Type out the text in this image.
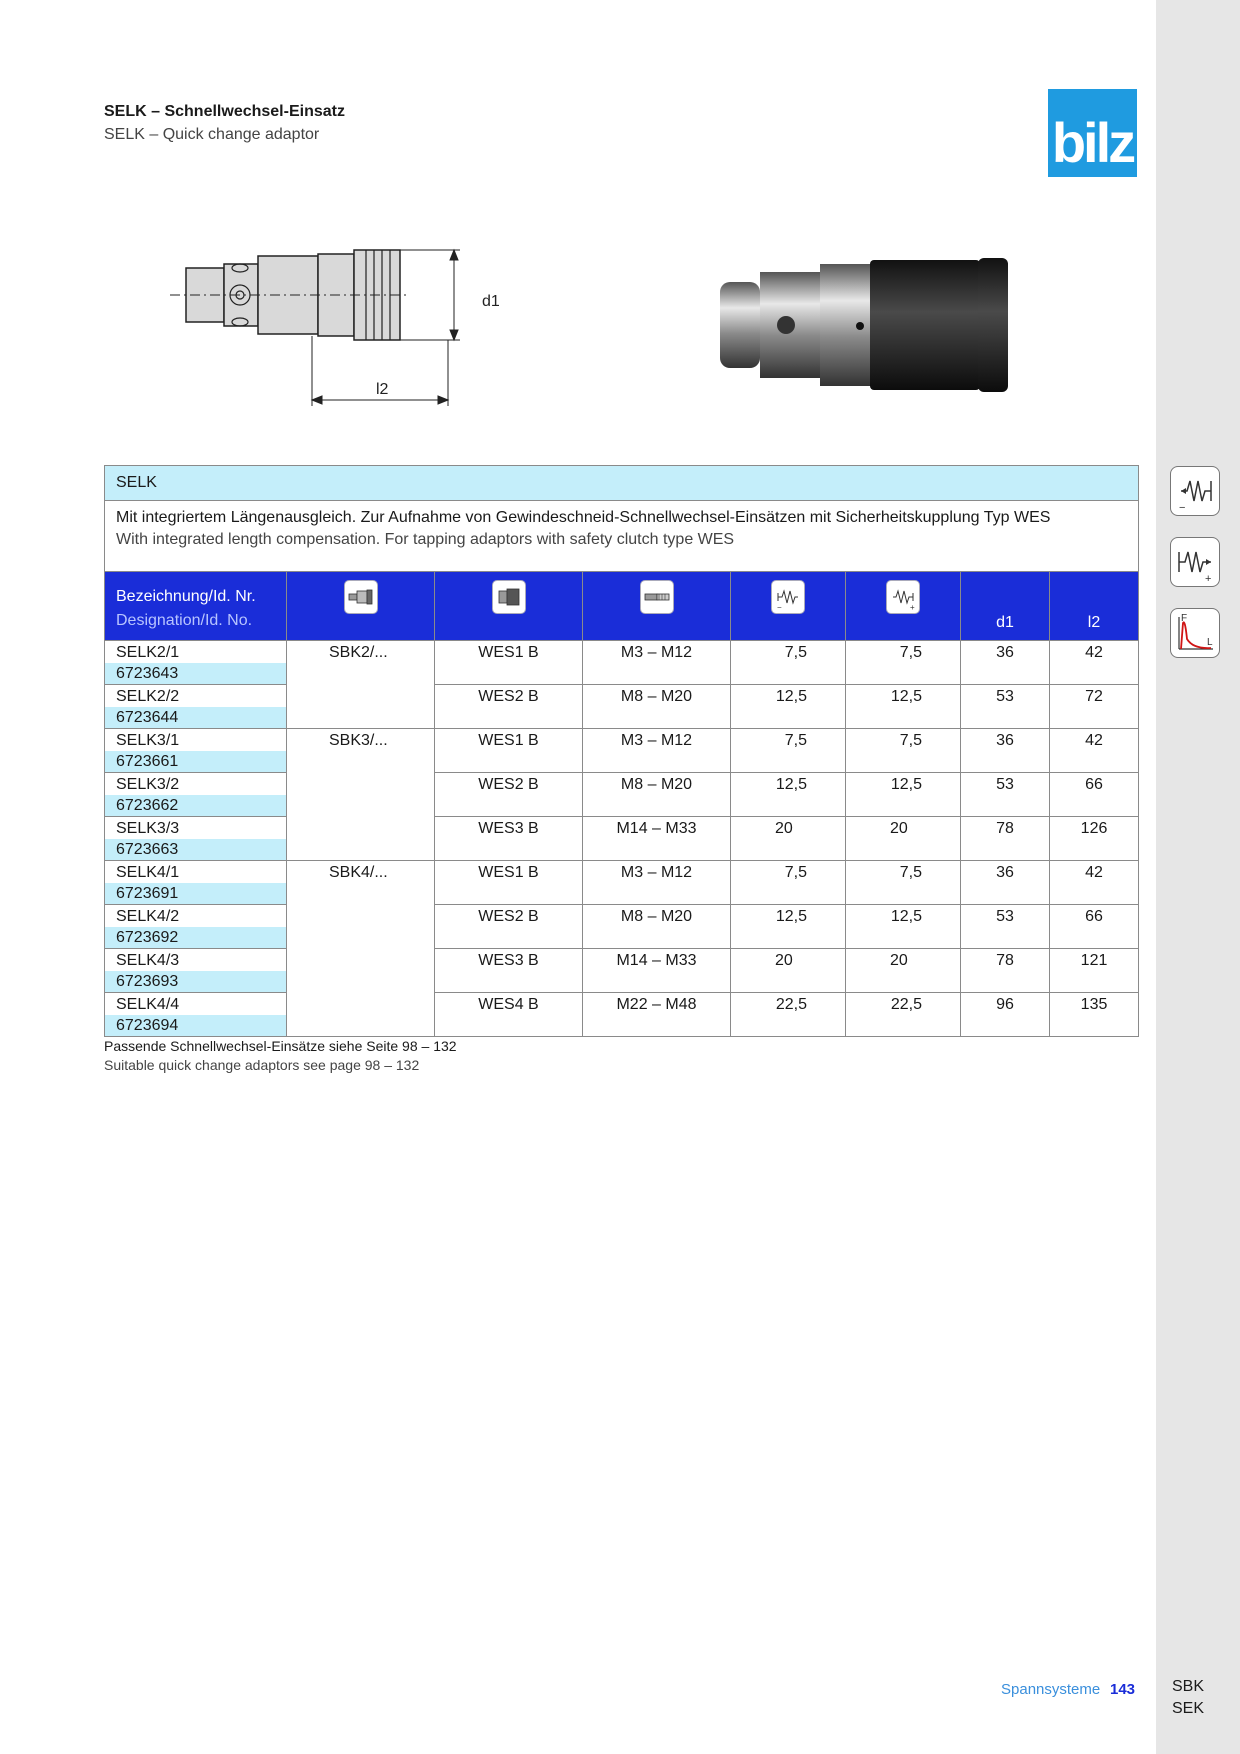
SELK – Schnellwechsel-Einsatz
SELK – Quick change adaptor	bilz
d1
l2
SELK							

Mit integriertem Längenausgleich. Zur Aufnahme von Gewindeschneid-Schnellwechsel-Einsätzen mit Sicherheitskupplung Typ WES
With integrated length compensation. For tapping adaptors with safety clutch type WES							

Bezeichnung/Id. Nr.
Designation/Id. No.				−	+	d1	l2

SELK2/1
6723643	SBK2/...	WES1 B	M3 – M12	7,5	7,5	36	42

SELK2/2
6723644		WES2 B	M8 – M20	12,5	12,5	53	72

SELK3/1
6723661	SBK3/...	WES1 B	M3 – M12	7,5	7,5	36	42

SELK3/2
6723662		WES2 B	M8 – M20	12,5	12,5	53	66

SELK3/3
6723663		WES3 B	M14 – M33	20	20	78	126

SELK4/1
6723691	SBK4/...	WES1 B	M3 – M12	7,5	7,5	36	42

SELK4/2
6723692		WES2 B	M8 – M20	12,5	12,5	53	66

SELK4/3
6723693		WES3 B	M14 – M33	20	20	78	121

SELK4/4
6723694		WES4 B	M22 – M48	22,5	22,5	96	135
Passende Schnellwechsel-Einsätze siehe Seite 98 – 132
Suitable quick change adaptors see page 98 – 132
−
+
F
L
Spannsysteme 143 SBK
SEK
